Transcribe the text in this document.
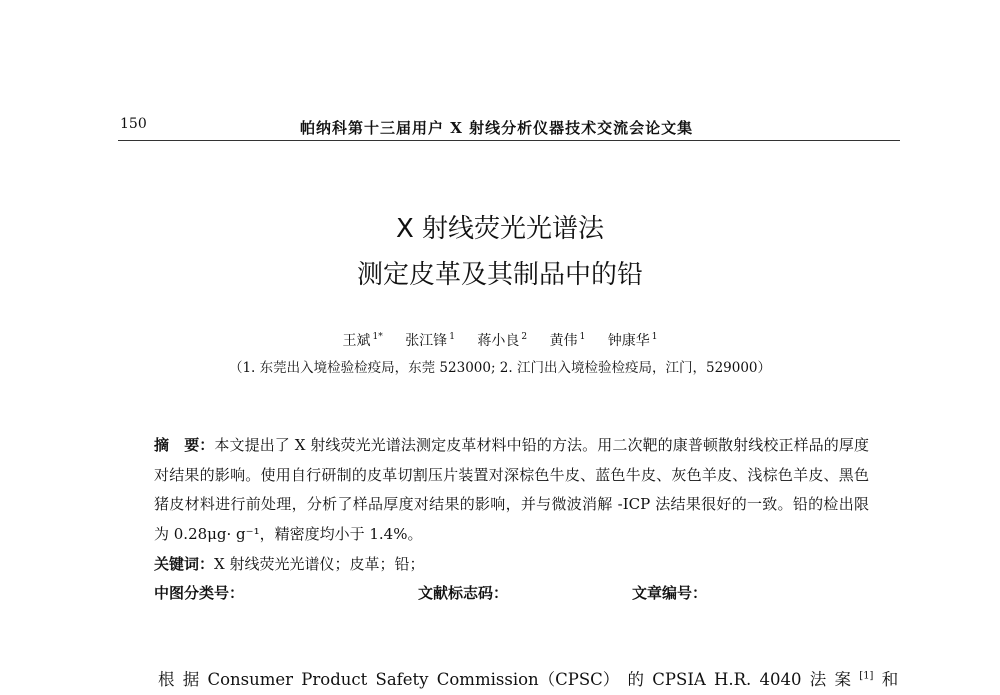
150	帕纳科第十三届用户 X 射线分析仪器技术交流会论文集
X 射线荧光光谱法
测定皮革及其制品中的铅
王斌 $^{1*}$ 张江锋 $^1$ 蒋小良 $^2$ 黄伟 $^1$ 钟康华 $^1$
（1. 东莞出入境检验检疫局，东莞 523000; 2. 江门出入境检验检疫局，江门，529000）
摘　要：本文提出了 X 射线荧光光谱法测定皮革材料中铅的方法。用二次靶的康普顿散射线校正样品的厚度对结果的影响。使用自行研制的皮革切割压片装置对深棕色牛皮、蓝色牛皮、灰色羊皮、浅棕色羊皮、黑色猪皮材料进行前处理，分析了样品厚度对结果的影响，并与微波消解 -ICP 法结果很好的一致。铅的检出限为 0.28μg· g⁻¹，精密度均小于 1.4%。
关键词：X 射线荧光光谱仪；皮革；铅；
中图分类号：	文献标志码：	文章编号：
根 据 Consumer Product Safety Commission（CPSC） 的 CPSIA H.R. 4040 法 案 [1] 和
